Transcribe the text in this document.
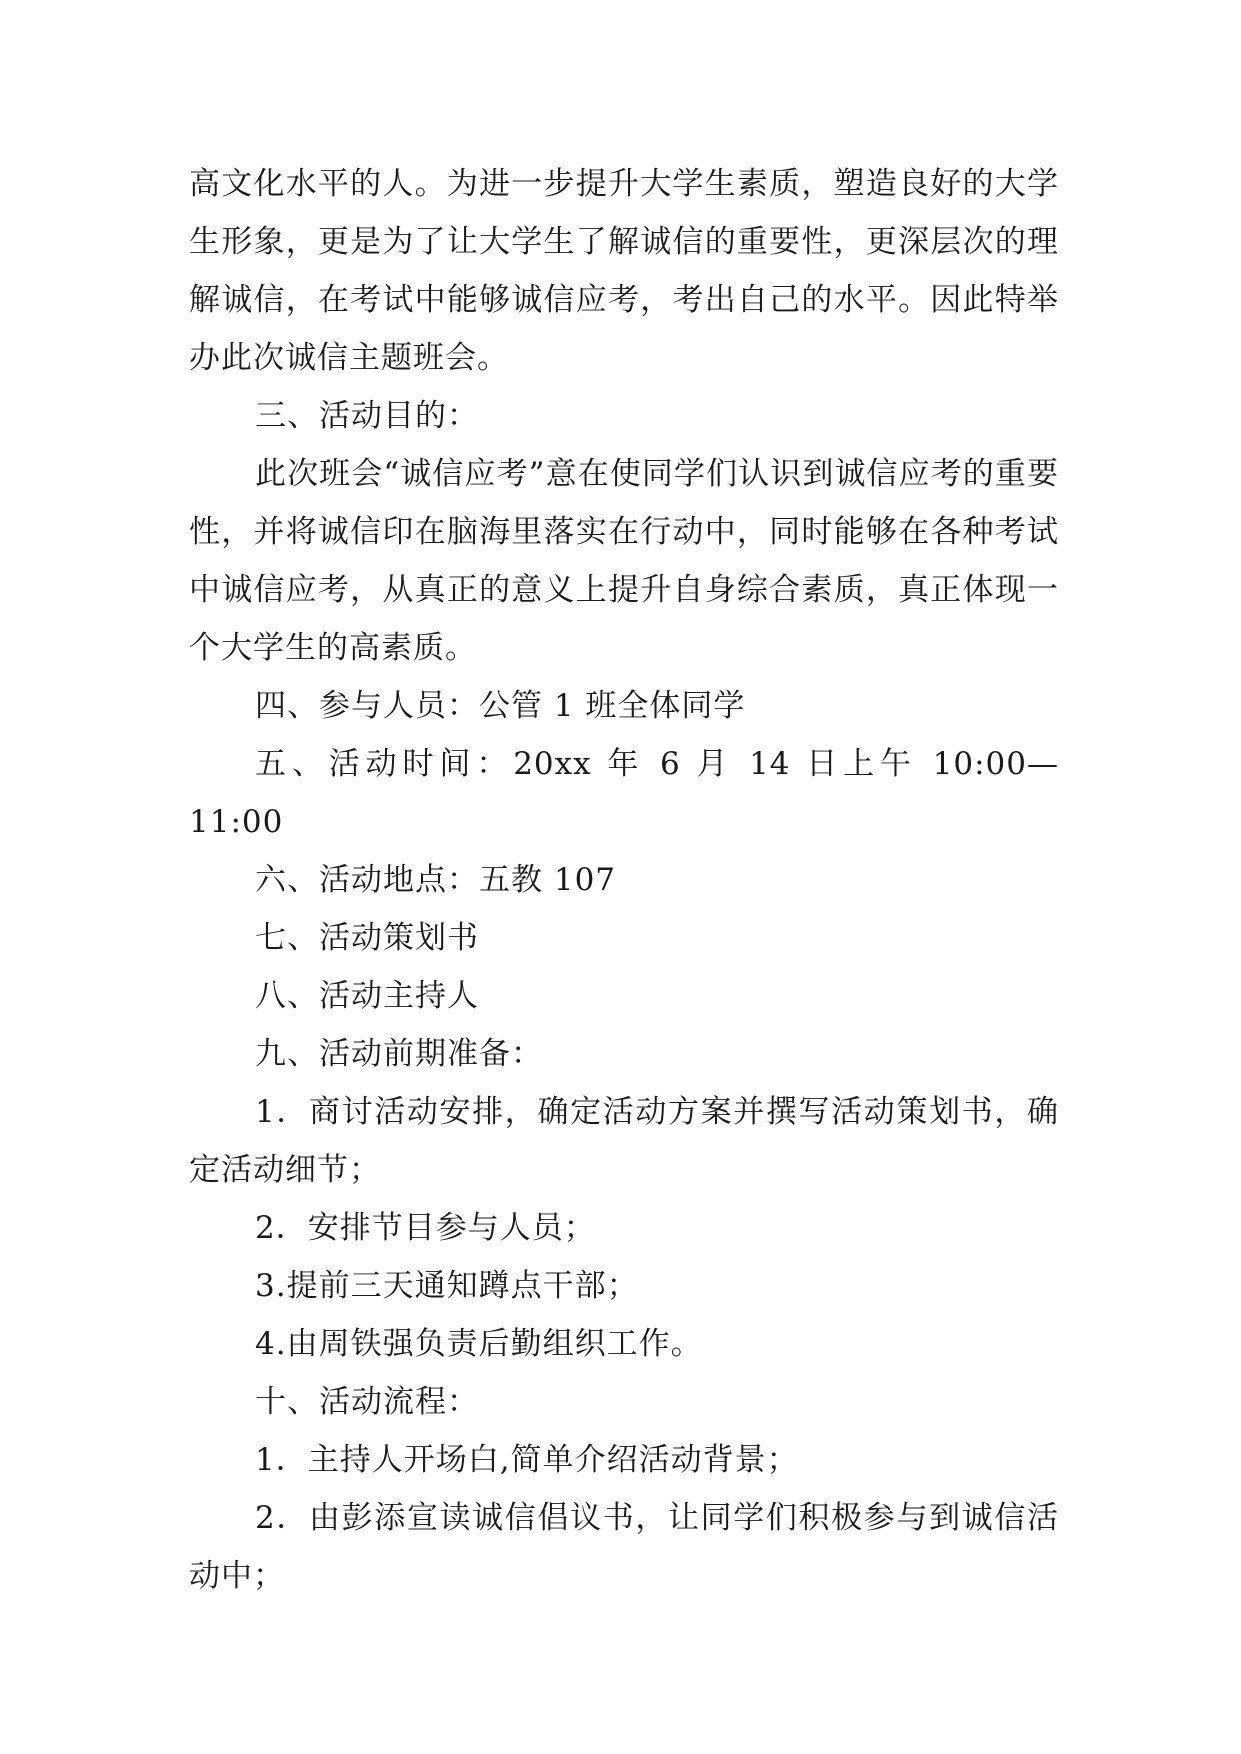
高文化水平的人。为进一步提升大学生素质，塑造良好的大学生形象，更是为了让大学生了解诚信的重要性，更深层次的理解诚信，在考试中能够诚信应考，考出自己的水平。因此特举办此次诚信主题班会。

三、活动目的：

此次班会“诚信应考”意在使同学们认识到诚信应考的重要性，并将诚信印在脑海里落实在行动中，同时能够在各种考试中诚信应考，从真正的意义上提升自身综合素质，真正体现一个大学生的高素质。

四、参与人员：公管 1 班全体同学

五、活动时间：20xx 年 6 月 14 日上午 10:00—11:00

六、活动地点：五教 107

七、活动策划书

八、活动主持人

九、活动前期准备：

1．商讨活动安排，确定活动方案并撰写活动策划书，确定活动细节；

2．安排节目参与人员；

3.提前三天通知蹲点干部；

4.由周铁强负责后勤组织工作。

十、活动流程：

1．主持人开场白,简单介绍活动背景；

2．由彭添宣读诚信倡议书，让同学们积极参与到诚信活动中；
